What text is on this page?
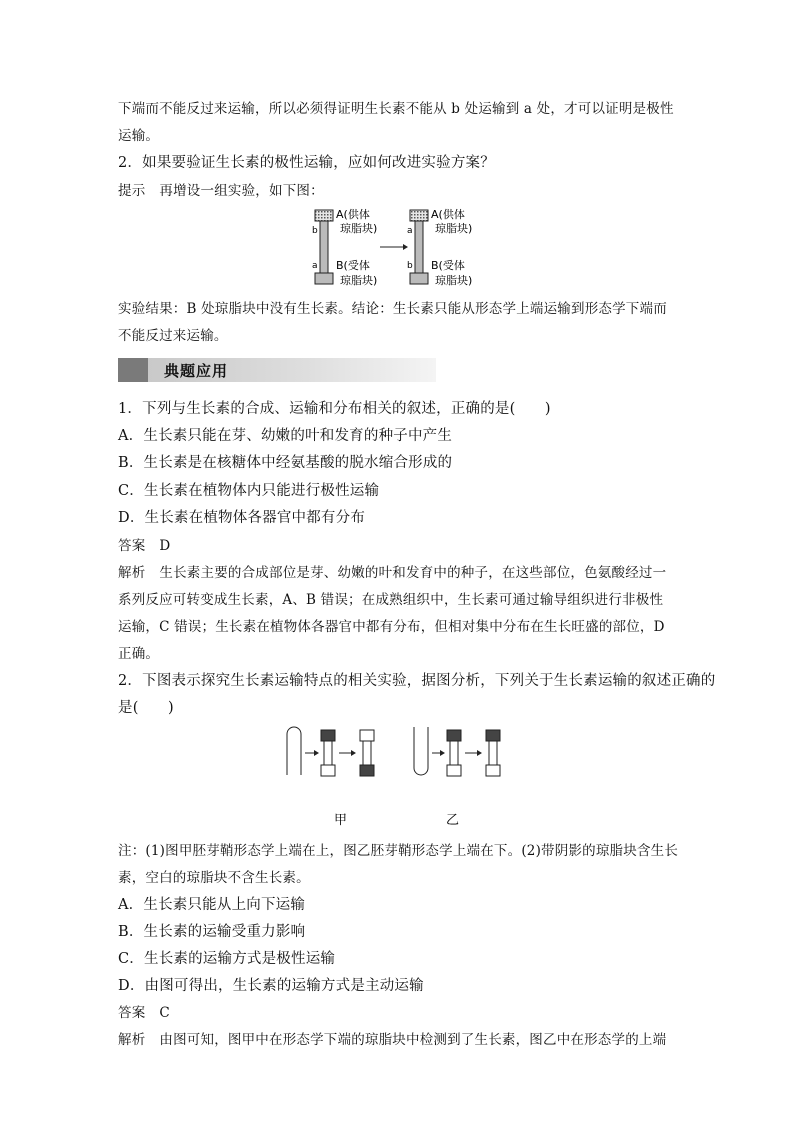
下端而不能反过来运输，所以必须得证明生长素不能从 b 处运输到 a 处，才可以证明是极性
运输。
2．如果要验证生长素的极性运输，应如何改进实验方案？
提示 再增设一组实验，如下图：
b
a
A(供体
琼脂块)
B(受体
琼脂块)
a
b
A(供体
琼脂块)
B(受体
琼脂块)
实验结果：B 处琼脂块中没有生长素。结论：生长素只能从形态学上端运输到形态学下端而
不能反过来运输。
典题应用
1．下列与生长素的合成、运输和分布相关的叙述，正确的是(　　)
A．生长素只能在芽、幼嫩的叶和发育的种子中产生
B．生长素是在核糖体中经氨基酸的脱水缩合形成的
C．生长素在植物体内只能进行极性运输
D．生长素在植物体各器官中都有分布
答案 D
解析 生长素主要的合成部位是芽、幼嫩的叶和发育中的种子，在这些部位，色氨酸经过一
系列反应可转变成生长素，A、B 错误；在成熟组织中，生长素可通过输导组织进行非极性
运输，C 错误；生长素在植物体各器官中都有分布，但相对集中分布在生长旺盛的部位，D
正确。
2．下图表示探究生长素运输特点的相关实验，据图分析，下列关于生长素运输的叙述正确的
是(　　)
甲	乙
注：(1)图甲胚芽鞘形态学上端在上，图乙胚芽鞘形态学上端在下。(2)带阴影的琼脂块含生长
素，空白的琼脂块不含生长素。
A．生长素只能从上向下运输
B．生长素的运输受重力影响
C．生长素的运输方式是极性运输
D．由图可得出，生长素的运输方式是主动运输
答案 C
解析 由图可知，图甲中在形态学下端的琼脂块中检测到了生长素，图乙中在形态学的上端
